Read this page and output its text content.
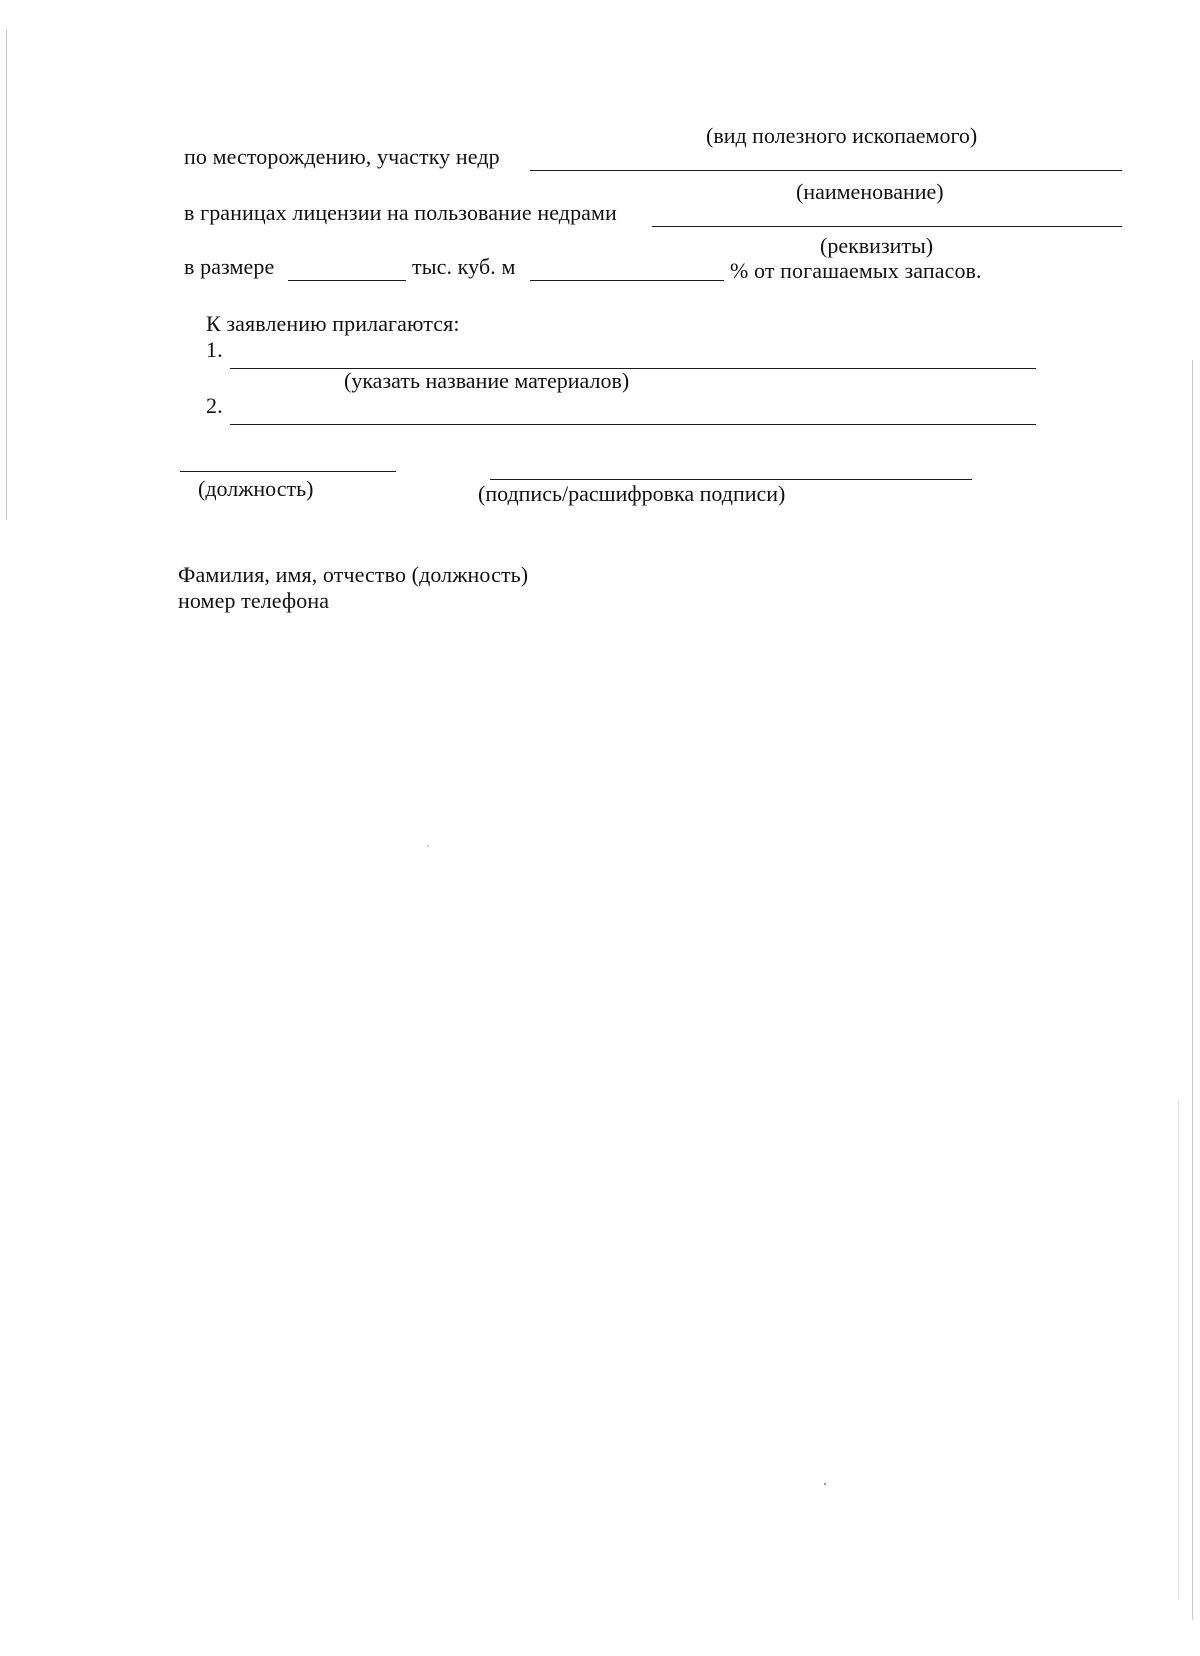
(вид полезного ископаемого)
по месторождению, участку недр
(наименование)
в границах лицензии на пользование недрами
(реквизиты)
в размере	тыс. куб. м	% от погашаемых запасов.
К заявлению прилагаются:
1.
(указать название материалов)
2.
(должность)	(подпись/расшифровка подписи)
Фамилия, имя, отчество (должность)
номер телефона
